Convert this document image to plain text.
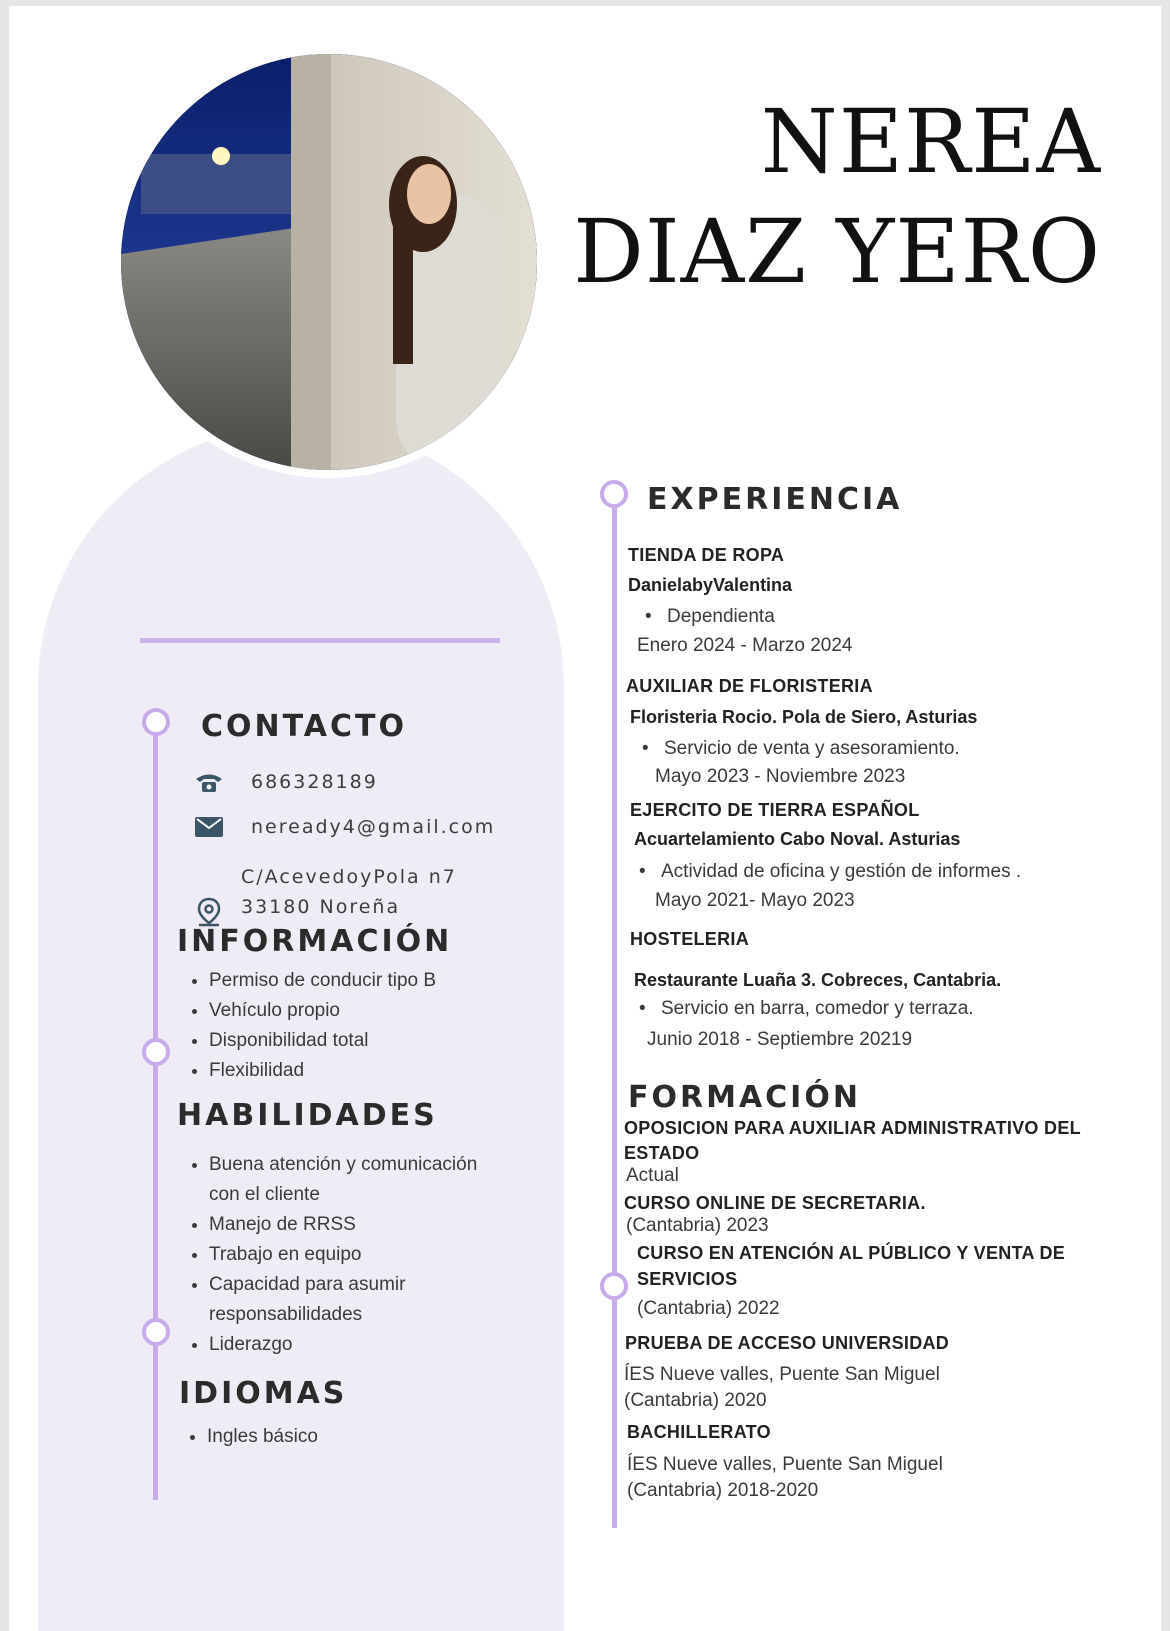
NEREA
DIAZ YERO
CONTACTO
686328189
neready4@gmail.com
C/AcevedoyPola n7
33180 Noreña
INFORMACIÓN
• Permiso de conducir tipo B
• Vehículo propio
• Disponibilidad total
• Flexibilidad
HABILIDADES
• Buena atención y comunicación con el cliente
• Manejo de RRSS
• Trabajo en equipo
• Capacidad para asumir responsabilidades
• Liderazgo
IDIOMAS
• Ingles básico
EXPERIENCIA
TIENDA DE ROPA
DanielabyValentina
• Dependienta
Enero 2024 - Marzo 2024
AUXILIAR DE FLORISTERIA
Floristeria Rocio. Pola de Siero, Asturias
• Servicio de venta y asesoramiento.
Mayo 2023 - Noviembre 2023
EJERCITO DE TIERRA ESPAÑOL
Acuartelamiento Cabo Noval. Asturias
• Actividad de oficina y gestión de informes .
Mayo 2021- Mayo 2023
HOSTELERIA
Restaurante Luaña 3. Cobreces, Cantabria.
• Servicio en barra, comedor y terraza.
Junio 2018 - Septiembre 20219
FORMACIÓN
OPOSICION PARA AUXILIAR ADMINISTRATIVO DEL
ESTADO
Actual
CURSO ONLINE DE SECRETARIA.
(Cantabria) 2023
CURSO EN ATENCIÓN AL PÚBLICO Y VENTA DE
SERVICIOS
(Cantabria) 2022
PRUEBA DE ACCESO UNIVERSIDAD
ÍES Nueve valles, Puente San Miguel
(Cantabria) 2020
BACHILLERATO
ÍES Nueve valles, Puente San Miguel
(Cantabria) 2018-2020
